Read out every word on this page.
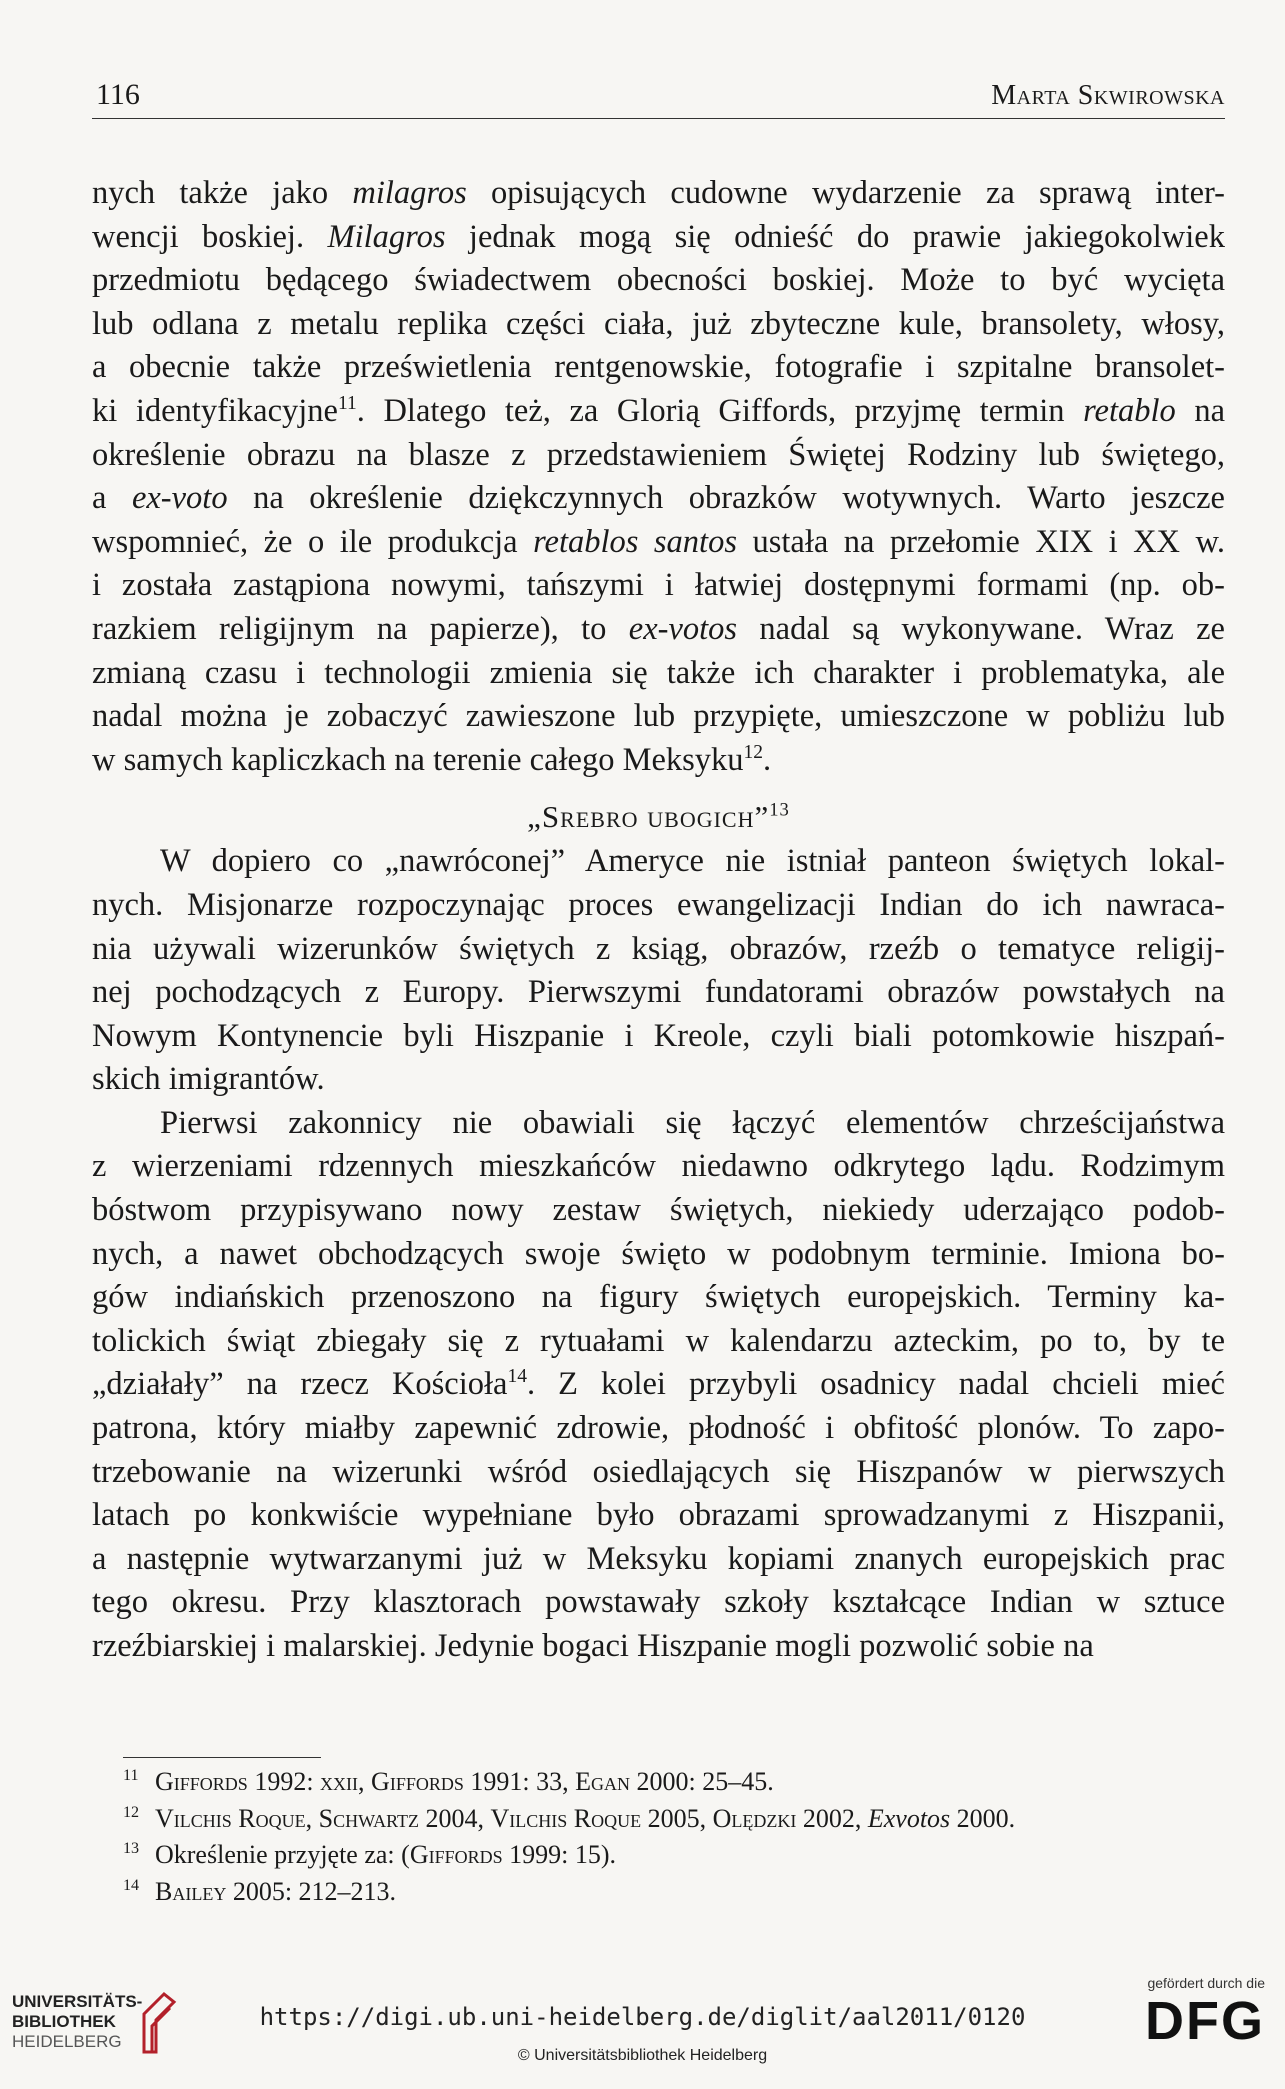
116	Marta Skwirowska
nych także jako milagros opisujących cudowne wydarzenie za sprawą inter-
wencji boskiej. Milagros jednak mogą się odnieść do prawie jakiegokolwiek
przedmiotu będącego świadectwem obecności boskiej. Może to być wycięta
lub odlana z metalu replika części ciała, już zbyteczne kule, bransolety, włosy,
a obecnie także prześwietlenia rentgenowskie, fotografie i szpitalne bransolet-
ki identyfikacyjne$^{11}$. Dlatego też, za Glorią Giffords, przyjmę termin retablo na
określenie obrazu na blasze z przedstawieniem Świętej Rodziny lub świętego,
a ex-voto na określenie dziękczynnych obrazków wotywnych. Warto jeszcze
wspomnieć, że o ile produkcja retablos santos ustała na przełomie XIX i XX w.
i została zastąpiona nowymi, tańszymi i łatwiej dostępnymi formami (np. ob-
razkiem religijnym na papierze), to ex-votos nadal są wykonywane. Wraz ze
zmianą czasu i technologii zmienia się także ich charakter i problematyka, ale
nadal można je zobaczyć zawieszone lub przypięte, umieszczone w pobliżu lub
w samych kapliczkach na terenie całego Meksyku$^{12}$.
„Srebro ubogich”$^{13}$
W dopiero co „nawróconej” Ameryce nie istniał panteon świętych lokal-
nych. Misjonarze rozpoczynając proces ewangelizacji Indian do ich nawraca-
nia używali wizerunków świętych z ksiąg, obrazów, rzeźb o tematyce religij-
nej pochodzących z Europy. Pierwszymi fundatorami obrazów powstałych na
Nowym Kontynencie byli Hiszpanie i Kreole, czyli biali potomkowie hiszpań-
skich imigrantów.
Pierwsi zakonnicy nie obawiali się łączyć elementów chrześcijaństwa
z wierzeniami rdzennych mieszkańców niedawno odkrytego lądu. Rodzimym
bóstwom przypisywano nowy zestaw świętych, niekiedy uderzająco podob-
nych, a nawet obchodzących swoje święto w podobnym terminie. Imiona bo-
gów indiańskich przenoszono na figury świętych europejskich. Terminy ka-
tolickich świąt zbiegały się z rytuałami w kalendarzu azteckim, po to, by te
„działały” na rzecz Kościoła$^{14}$. Z kolei przybyli osadnicy nadal chcieli mieć
patrona, który miałby zapewnić zdrowie, płodność i obfitość plonów. To zapo-
trzebowanie na wizerunki wśród osiedlających się Hiszpanów w pierwszych
latach po konkwiście wypełniane było obrazami sprowadzanymi z Hiszpanii,
a następnie wytwarzanymi już w Meksyku kopiami znanych europejskich prac
tego okresu. Przy klasztorach powstawały szkoły kształcące Indian w sztuce
rzeźbiarskiej i malarskiej. Jedynie bogaci Hiszpanie mogli pozwolić sobie na
11 Giffords 1992: xxii, Giffords 1991: 33, Egan 2000: 25–45.
12 Vilchis Roque, Schwartz 2004, Vilchis Roque 2005, Olędzki 2002, Exvotos 2000.
13 Określenie przyjęte za: (Giffords 1999: 15).
14 Bailey 2005: 212–213.
UNIVERSITÄTS-
BIBLIOTHEK
HEIDELBERG
https://digi.ub.uni-heidelberg.de/diglit/aal2011/0120
© Universitätsbibliothek Heidelberg
gefördert durch die
DFG
